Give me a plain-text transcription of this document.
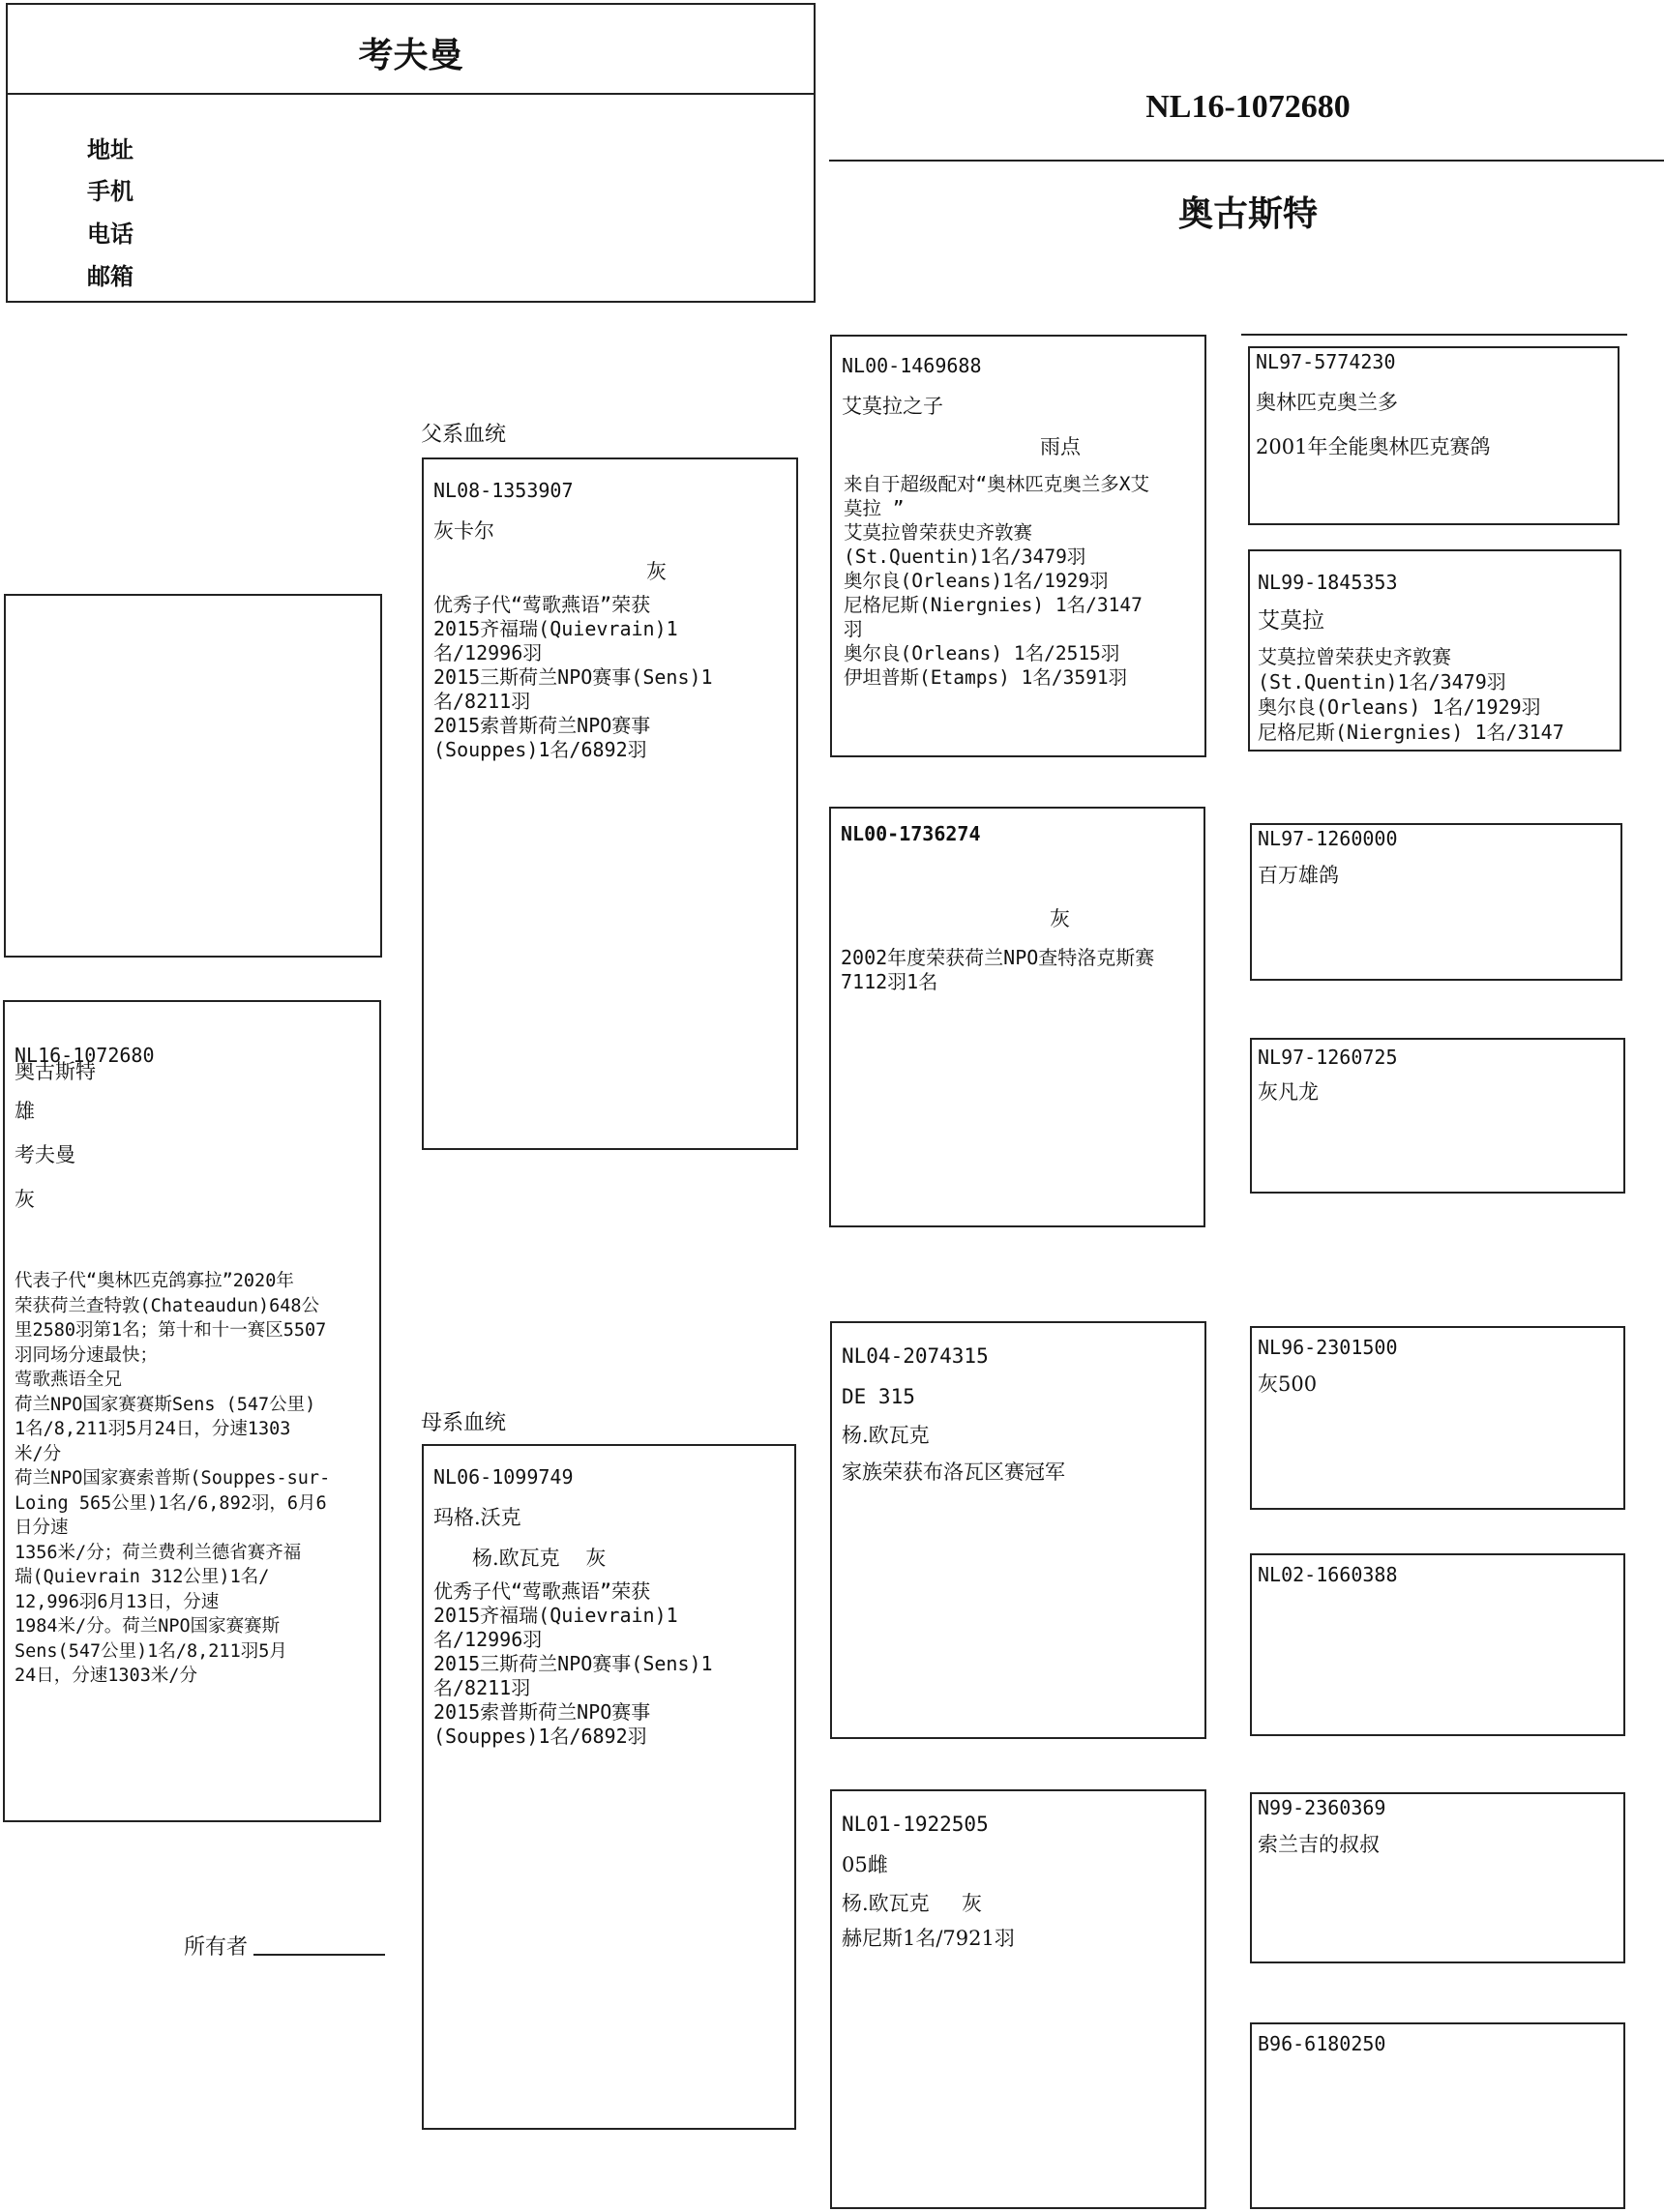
考夫曼
地址
手机
电话
邮箱
NL16-1072680
奥古斯特

NL16-1072680

奥古斯特
雄
考夫曼
灰
代表子代“奥林匹克鸽寡拉”2020年
荣获荷兰查特敦(Chateaudun)648公
里2580羽第1名；第十和十一赛区5507
羽同场分速最快；
莺歌燕语全兄
荷兰NPO国家赛赛斯Sens (547公里)
1名/8,211羽5月24日，分速1303
米/分
荷兰NPO国家赛索普斯(Souppes-sur-
Loing 565公里)1名/6,892羽，6月6
日分速
1356米/分；荷兰费利兰德省赛齐福
瑞(Quievrain 312公里)1名/
12,996羽6月13日，分速
1984米/分。荷兰NPO国家赛赛斯
Sens(547公里)1名/8,211羽5月
24日，分速1303米/分
所有者
父系血统
母系血统
NL08-1353907
灰卡尔
灰
优秀子代“莺歌燕语”荣获
2015齐福瑞(Quievrain)1
名/12996羽
2015三斯荷兰NPO赛事(Sens)1
名/8211羽
2015索普斯荷兰NPO赛事
(Souppes)1名/6892羽
NL06-1099749
玛格.沃克
杨.欧瓦克    灰
优秀子代“莺歌燕语”荣获
2015齐福瑞(Quievrain)1
名/12996羽
2015三斯荷兰NPO赛事(Sens)1
名/8211羽
2015索普斯荷兰NPO赛事
(Souppes)1名/6892羽
NL00-1469688
艾莫拉之子
雨点
来自于超级配对“奥林匹克奥兰多X艾
莫拉 ”
艾莫拉曾荣获史齐敦赛
(St.Quentin)1名/3479羽
奥尔良(Orleans)1名/1929羽
尼格尼斯(Niergnies) 1名/3147
羽
奥尔良(Orleans) 1名/2515羽
伊坦普斯(Etamps) 1名/3591羽
NL00-1736274
灰
2002年度荣获荷兰NPO查特洛克斯赛
7112羽1名
NL04-2074315
DE 315
杨.欧瓦克
家族荣获布洛瓦区赛冠军
NL01-1922505
05雌
杨.欧瓦克     灰
赫尼斯1名/7921羽
NL97-5774230
奥林匹克奥兰多
2001年全能奥林匹克赛鸽
NL99-1845353
艾莫拉
艾莫拉曾荣获史齐敦赛
(St.Quentin)1名/3479羽
奥尔良(Orleans) 1名/1929羽
尼格尼斯(Niergnies) 1名/3147
NL97-1260000
百万雄鸽
NL97-1260725
灰凡龙
NL96-2301500
灰500
NL02-1660388
N99-2360369
索兰吉的叔叔
B96-6180250
